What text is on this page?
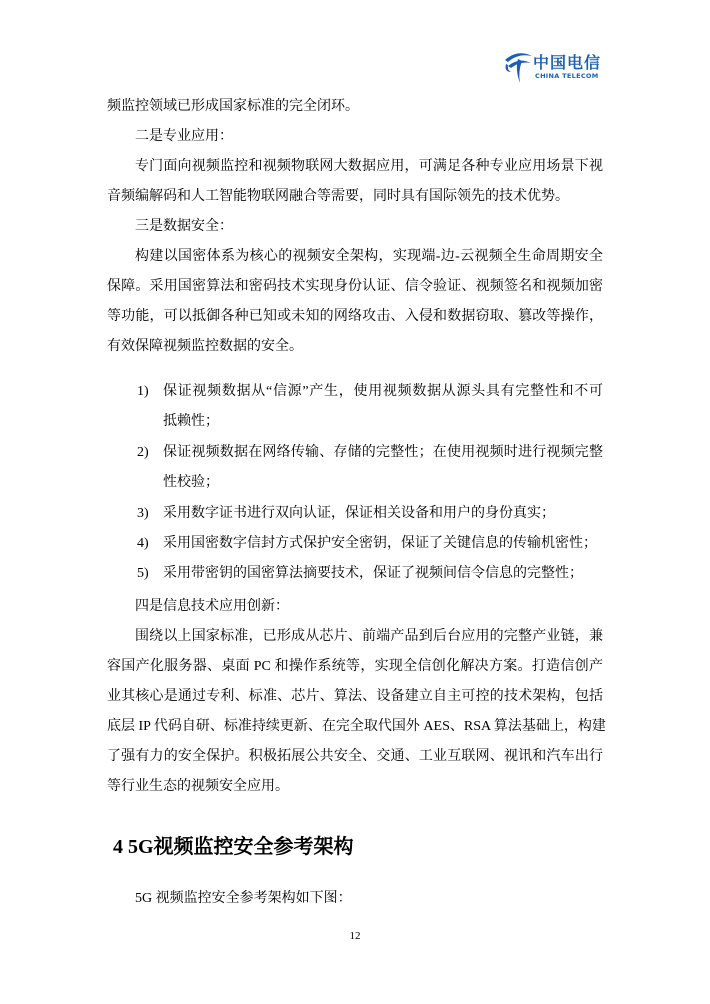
中国电信
CHINA TELECOM
频监控领域已形成国家标准的完全闭环。
二是专业应用：
专门面向视频监控和视频物联网大数据应用，可满足各种专业应用场景下视
音频编解码和人工智能物联网融合等需要，同时具有国际领先的技术优势。
三是数据安全：
构建以国密体系为核心的视频安全架构，实现端-边-云视频全生命周期安全
保障。采用国密算法和密码技术实现身份认证、信令验证、视频签名和视频加密
等功能，可以抵御各种已知或未知的网络攻击、入侵和数据窃取、篡改等操作，
有效保障视频监控数据的安全。
1) 保证视频数据从“信源”产生，使用视频数据从源头具有完整性和不可
抵赖性；
2) 保证视频数据在网络传输、存储的完整性；在使用视频时进行视频完整
性校验；
3) 采用数字证书进行双向认证，保证相关设备和用户的身份真实；
4) 采用国密数字信封方式保护安全密钥，保证了关键信息的传输机密性；
5) 采用带密钥的国密算法摘要技术，保证了视频间信令信息的完整性；
四是信息技术应用创新：
围绕以上国家标准，已形成从芯片、前端产品到后台应用的完整产业链，兼
容国产化服务器、桌面 PC 和操作系统等，实现全信创化解决方案。打造信创产
业其核心是通过专利、标准、芯片、算法、设备建立自主可控的技术架构，包括
底层 IP 代码自研、标准持续更新、在完全取代国外 AES、RSA 算法基础上，构建
了强有力的安全保护。积极拓展公共安全、交通、工业互联网、视讯和汽车出行
等行业生态的视频安全应用。
4 5G视频监控安全参考架构
5G 视频监控安全参考架构如下图：
12
